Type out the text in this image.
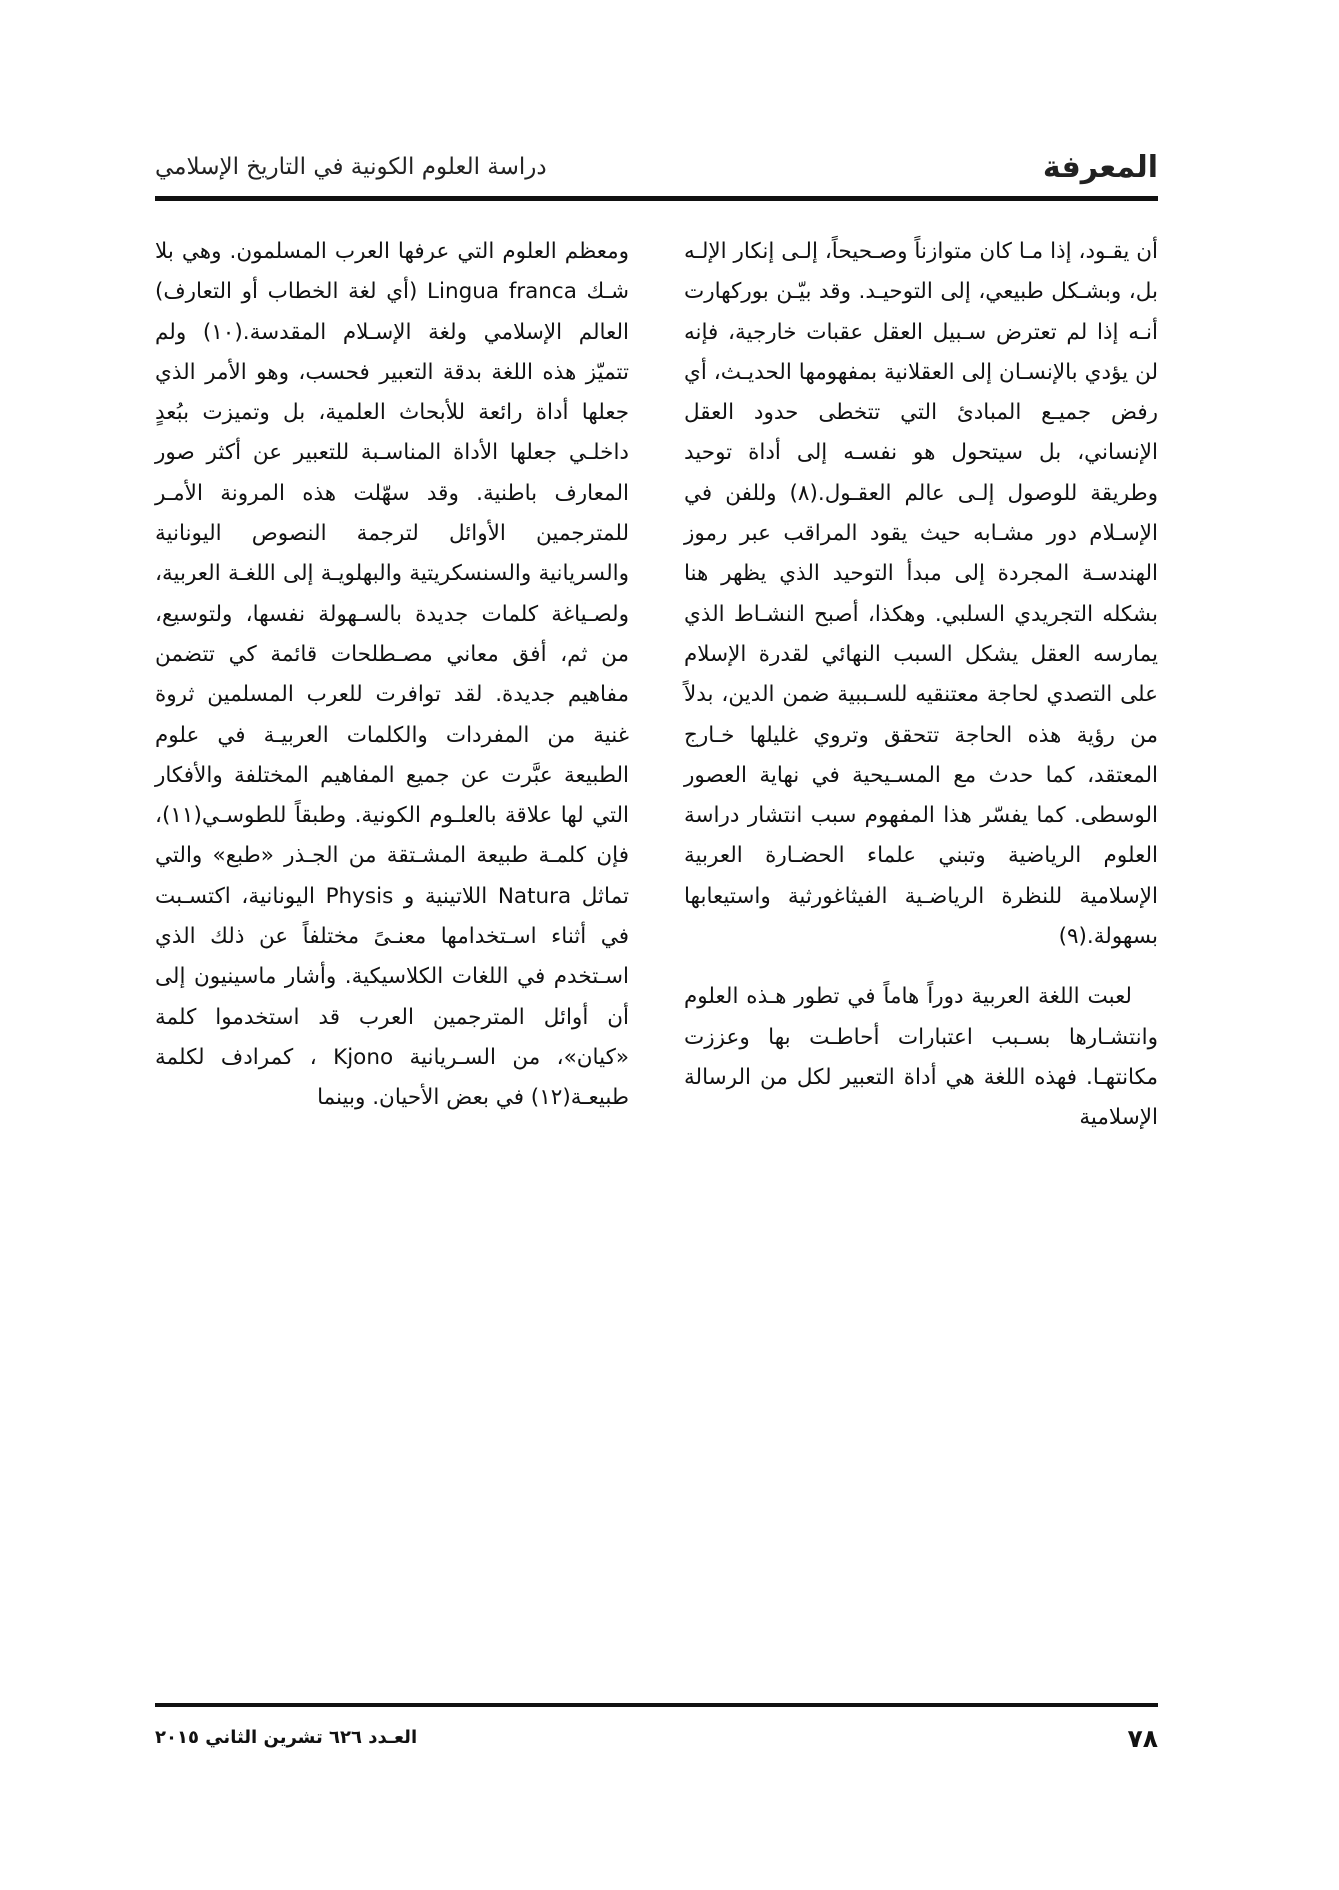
المعرفة
دراسة العلوم الكونية في التاريخ الإسلامي

أن يقـود، إذا مـا كان متوازناً وصـحيحاً، إلـى إنكار الإلـه بل، وبشـكل طبيعي، إلى التوحيـد. وقد بيّـن بوركهارت أنـه إذا لم تعترض سـبيل العقل عقبات خارجية، فإنه لن يؤدي بالإنسـان إلى العقلانية بمفهومها الحديـث، أي رفض جميـع المبادئ التي تتخطى حدود العقل الإنساني، بل سيتحول هو نفسـه إلى أداة توحيد وطريقة للوصول إلـى عالم العقـول.(٨) وللفن في الإسـلام دور مشـابه حيث يقود المراقب عبر رموز الهندسـة المجردة إلى مبدأ التوحيد الذي يظهر هنا بشكله التجريدي السلبي. وهكذا، أصبح النشـاط الذي يمارسه العقل يشكل السبب النهائي لقدرة الإسلام على التصدي لحاجة معتنقيه للسـببية ضمن الدين، بدلاً من رؤية هذه الحاجة تتحقق وتروي غليلها خـارج المعتقد، كما حدث مع المسـيحية في نهاية العصور الوسطى. كما يفسّر هذا المفهوم سبب انتشار دراسة العلوم الرياضية وتبني علماء الحضـارة العربية الإسلامية للنظرة الرياضـية الفيثاغورثية واستيعابها بسهولة.(٩)

لعبت اللغة العربية دوراً هاماً في تطور هـذه العلوم وانتشـارها بسـبب اعتبارات أحاطـت بها وعززت مكانتهـا. فهذه اللغة هي أداة التعبير لكل من الرسالة الإسلامية

ومعظم العلوم التي عرفها العرب المسلمون. وهي بلا شـك Lingua franca (أي لغة الخطاب أو التعارف) العالم الإسلامي ولغة الإسـلام المقدسة.(١٠) ولم تتميّز هذه اللغة بدقة التعبير فحسب، وهو الأمر الذي جعلها أداة رائعة للأبحاث العلمية، بل وتميزت ببُعدٍ داخلـي جعلها الأداة المناسـبة للتعبير عن أكثر صور المعارف باطنية. وقد سهّلت هذه المرونة الأمـر للمترجمين الأوائل لترجمة النصوص اليونانية والسريانية والسنسكريتية والبهلويـة إلى اللغـة العربية، ولصـياغة كلمات جديدة بالسـهولة نفسها، ولتوسيع، من ثم، أفق معاني مصـطلحات قائمة كي تتضمن مفاهيم جديدة. لقد توافرت للعرب المسلمين ثروة غنية من المفردات والكلمات العربيـة في علوم الطبيعة عبَّرت عن جميع المفاهيم المختلفة والأفكار التي لها علاقة بالعلـوم الكونية. وطبقاً للطوسـي(١١)، فإن كلمـة طبيعة المشـتقة من الجـذر «طبع» والتي تماثل Natura اللاتينية و Physis اليونانية، اكتسـبت في أثناء اسـتخدامها معنـىً مختلفاً عن ذلك الذي اسـتخدم في اللغات الكلاسيكية. وأشار ماسينيون إلى أن أوائل المترجمين العرب قد استخدموا كلمة «كيان»، من السـريانية Kjono ، كمرادف لكلمة طبيعـة(١٢) في بعض الأحيان. وبينما

٧٨
العـدد ٦٢٦ تشرين الثاني ٢٠١٥
